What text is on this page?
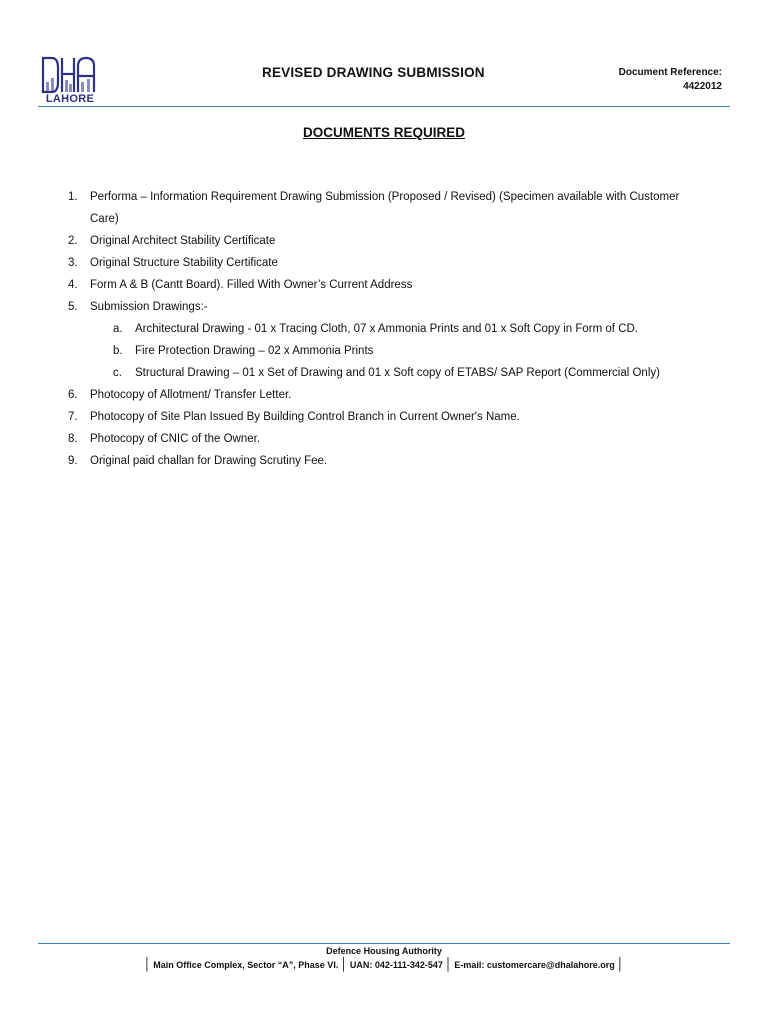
LAHORE
REVISED DRAWING SUBMISSION	Document Reference:
4422012
DOCUMENTS REQUIRED
1. Performa – Information Requirement Drawing Submission (Proposed / Revised) (Specimen available with Customer Care)
2. Original Architect Stability Certificate
3. Original Structure Stability Certificate
4. Form A & B (Cantt Board). Filled With Owner’s Current Address
5. Submission Drawings:-
a. Architectural Drawing - 01 x Tracing Cloth, 07 x Ammonia Prints and 01 x Soft Copy in Form of CD.
b. Fire Protection Drawing – 02 x Ammonia Prints
c. Structural Drawing – 01 x Set of Drawing and 01 x Soft copy of ETABS/ SAP Report (Commercial Only)
6. Photocopy of Allotment/ Transfer Letter.
7. Photocopy of Site Plan Issued By Building Control Branch in Current Owner's Name.
8. Photocopy of CNIC of the Owner.
9. Original paid challan for Drawing Scrutiny Fee.
Defence Housing Authority
│ Main Office Complex, Sector “A”, Phase VI. │ UAN: 042-111-342-547 │ E-mail: customercare@dhalahore.org │
